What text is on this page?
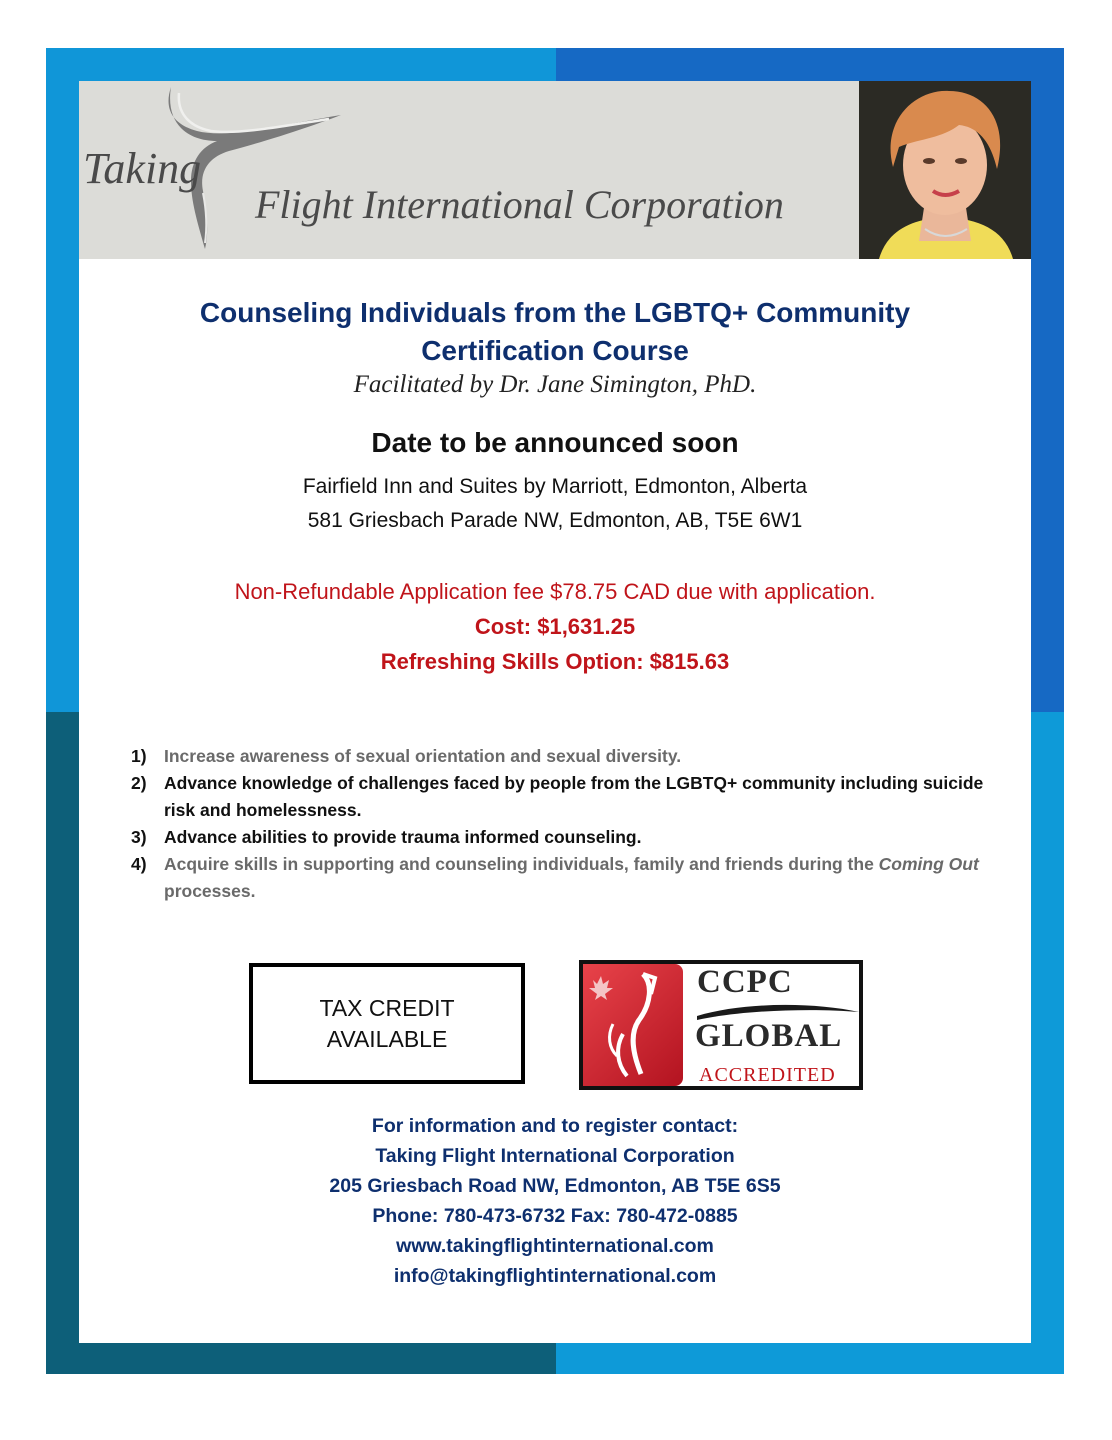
Taking
Flight International Corporation
Counseling Individuals from the LGBTQ+ Community
Certification Course
Facilitated by Dr. Jane Simington, PhD.
Date to be announced soon
Fairfield Inn and Suites by Marriott, Edmonton, Alberta
581 Griesbach Parade NW, Edmonton, AB, T5E 6W1
Non-Refundable Application fee $78.75 CAD due with application.
Cost: $1,631.25
Refreshing Skills Option: $815.63
1) Increase awareness of sexual orientation and sexual diversity.
2) Advance knowledge of challenges faced by people from the LGBTQ+ community including suicide risk and homelessness.
3) Advance abilities to provide trauma informed counseling.
4) Acquire skills in supporting and counseling individuals, family and friends during the Coming Out processes.
TAX CREDIT
AVAILABLE
CCPC
GLOBAL
ACCREDITED
For information and to register contact:
Taking Flight International Corporation
205 Griesbach Road NW, Edmonton, AB T5E 6S5
Phone: 780-473-6732 Fax: 780-472-0885
www.takingflightinternational.com
info@takingflightinternational.com
